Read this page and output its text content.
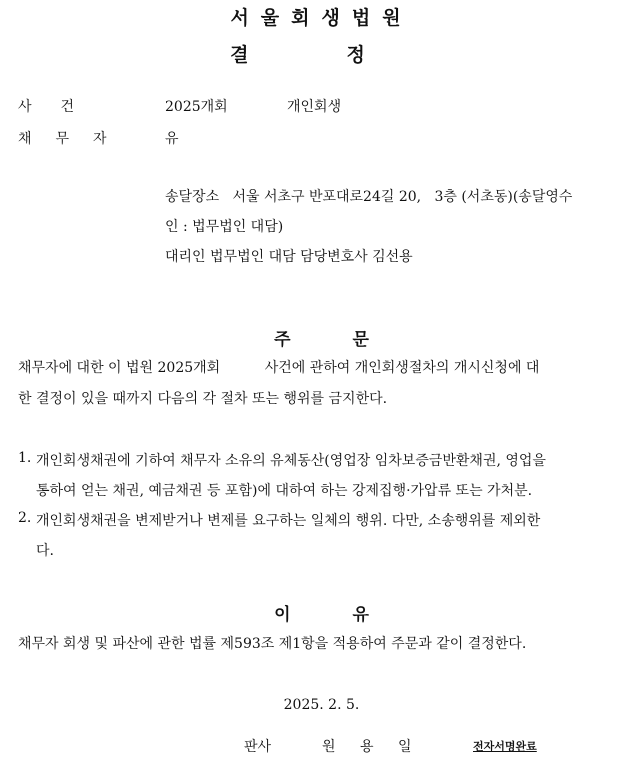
서울회생법원
결정
사건	2025개회	개인회생
채무자 유
송달장소   서울 서초구 반포대로24길 20,   3층 (서초동)(송달영수
인 : 법무법인 대담)
대리인 법무법인 대담 담당변호사 김선용
주문
채무자에 대한 이 법원 2025개회          사건에 관하여 개인회생절차의 개시신청에 대
한 결정이 있을 때까지 다음의 각 절차 또는 행위를 금지한다.
1. 개인회생채권에 기하여 채무자 소유의 유체동산(영업장 임차보증금반환채권, 영업을
통하여 얻는 채권, 예금채권 등 포함)에 대하여 하는 강제집행·가압류 또는 가처분.
2. 개인회생채권을 변제받거나 변제를 요구하는 일체의 행위. 다만, 소송행위를 제외한
다.
이유
채무자 회생 및 파산에 관한 법률 제593조 제1항을 적용하여 주문과 같이 결정한다.
2025. 2. 5.
판사	원 용 일	전자서명완료
